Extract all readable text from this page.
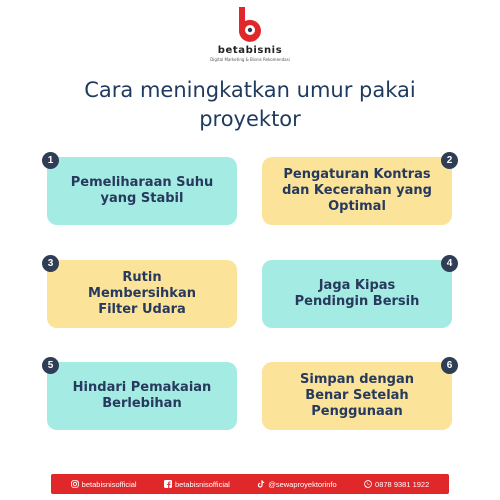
betabisnis
Digital Marketing & Bisnis Rekomendasi
Cara meningkatkan umur pakai proyektor
Pemeliharaan Suhu
yang Stabil
1
Pengaturan Kontras
dan Kecerahan yang
Optimal
2
Rutin
Membersihkan
Filter Udara
3
Jaga Kipas
Pendingin Bersih
4
Hindari Pemakaian
Berlebihan
5
Simpan dengan
Benar Setelah
Penggunaan
6
betabisnisofficial	betabisnisofficial	@sewaproyektorinfo	0878 9381 1922
